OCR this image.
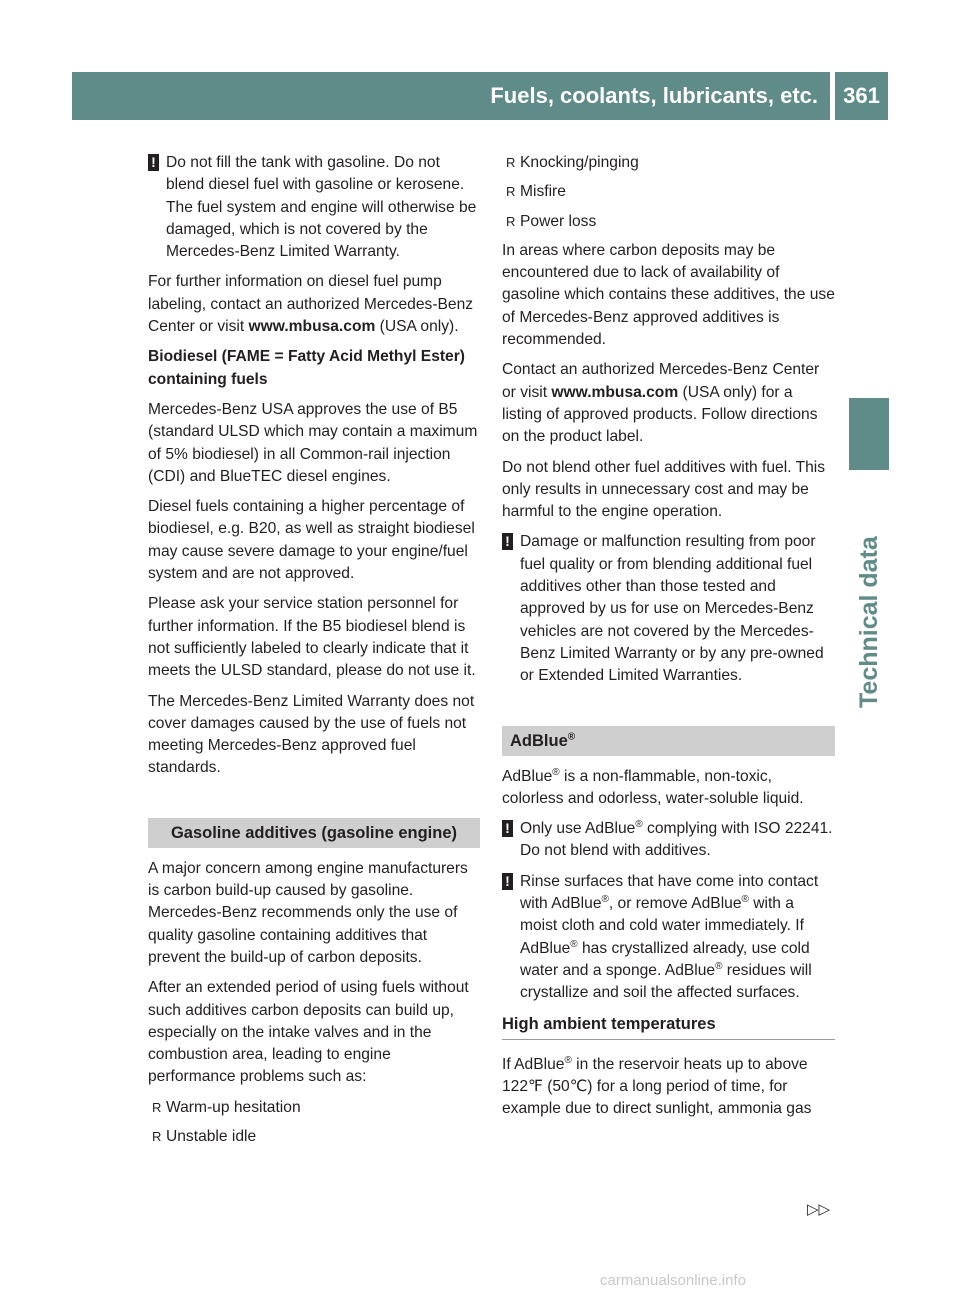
Fuels, coolants, lubricants, etc.	361
Technical data
! Do not fill the tank with gasoline. Do not blend diesel fuel with gasoline or kerosene. The fuel system and engine will otherwise be damaged, which is not covered by the Mercedes-Benz Limited Warranty.

For further information on diesel fuel pump labeling, contact an authorized Mercedes-Benz Center or visit www.mbusa.com (USA only).

Biodiesel (FAME = Fatty Acid Methyl Ester) containing fuels

Mercedes-Benz USA approves the use of B5 (standard ULSD which may contain a maximum of 5% biodiesel) in all Common-rail injection (CDI) and BlueTEC diesel engines.

Diesel fuels containing a higher percentage of biodiesel, e.g. B20, as well as straight biodiesel may cause severe damage to your engine/fuel system and are not approved.

Please ask your service station personnel for further information. If the B5 biodiesel blend is not sufficiently labeled to clearly indicate that it meets the ULSD standard, please do not use it.

The Mercedes-Benz Limited Warranty does not cover damages caused by the use of fuels not meeting Mercedes-Benz approved fuel standards.

Gasoline additives (gasoline engine)

A major concern among engine manufacturers is carbon build-up caused by gasoline. Mercedes-Benz recommends only the use of quality gasoline containing additives that prevent the build-up of carbon deposits.

After an extended period of using fuels without such additives carbon deposits can build up, especially on the intake valves and in the combustion area, leading to engine performance problems such as:

R Warm-up hesitation
R Unstable idle
R Knocking/pinging
R Misfire
R Power loss

In areas where carbon deposits may be encountered due to lack of availability of gasoline which contains these additives, the use of Mercedes-Benz approved additives is recommended.

Contact an authorized Mercedes-Benz Center or visit www.mbusa.com (USA only) for a listing of approved products. Follow directions on the product label.

Do not blend other fuel additives with fuel. This only results in unnecessary cost and may be harmful to the engine operation.

! Damage or malfunction resulting from poor fuel quality or from blending additional fuel additives other than those tested and approved by us for use on Mercedes-Benz vehicles are not covered by the Mercedes-Benz Limited Warranty or by any pre-owned or Extended Limited Warranties.
AdBlue®

AdBlue® is a non-flammable, non-toxic, colorless and odorless, water-soluble liquid.

! Only use AdBlue® complying with ISO 22241. Do not blend with additives.
! Rinse surfaces that have come into contact with AdBlue®, or remove AdBlue® with a moist cloth and cold water immediately. If AdBlue® has crystallized already, use cold water and a sponge. AdBlue® residues will crystallize and soil the affected surfaces.
High ambient temperatures

If AdBlue® in the reservoir heats up to above 122℉ (50℃) for a long period of time, for example due to direct sunlight, ammonia gas

▷▷
carmanualsonline.info
